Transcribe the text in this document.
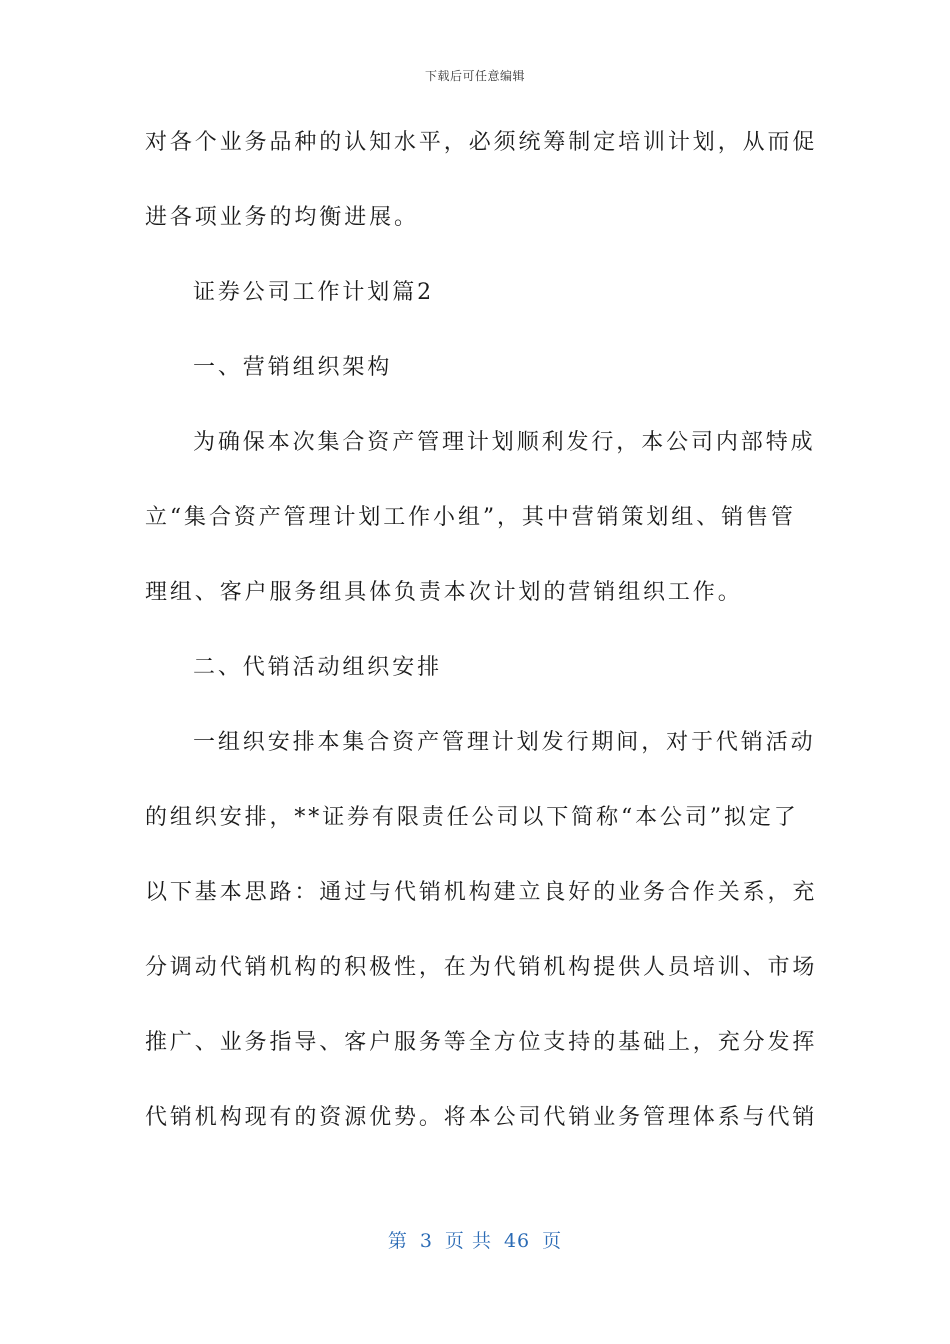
下载后可任意编辑
对各个业务品种的认知水平，必须统筹制定培训计划，从而促
进各项业务的均衡进展。
证券公司工作计划篇2
一、营销组织架构
为确保本次集合资产管理计划顺利发行，本公司内部特成
立“集合资产管理计划工作小组”，其中营销策划组、销售管
理组、客户服务组具体负责本次计划的营销组织工作。
二、代销活动组织安排
一组织安排本集合资产管理计划发行期间，对于代销活动
的组织安排，**证券有限责任公司以下简称“本公司”拟定了
以下基本思路：通过与代销机构建立良好的业务合作关系，充
分调动代销机构的积极性，在为代销机构提供人员培训、市场
推广、业务指导、客户服务等全方位支持的基础上，充分发挥
代销机构现有的资源优势。将本公司代销业务管理体系与代销
第 3 页 共 46 页
